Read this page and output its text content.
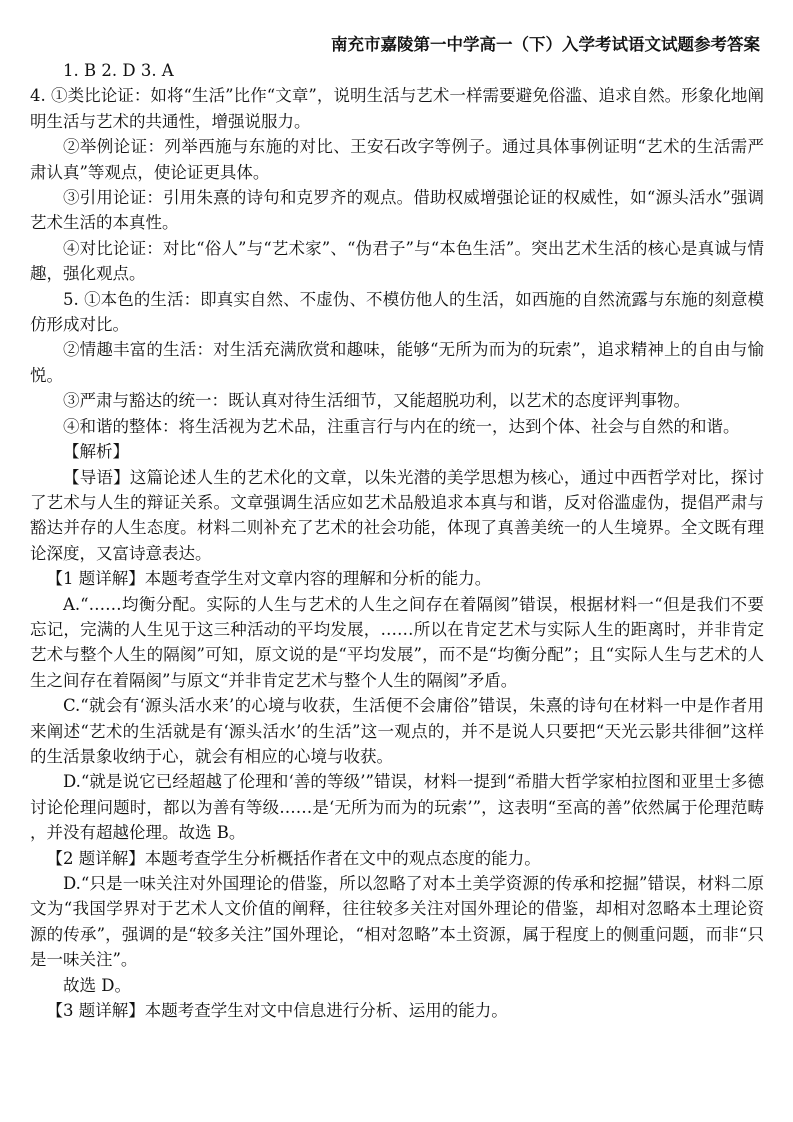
南充市嘉陵第一中学高一（下）入学考试语文试题参考答案

1. B 2. D 3. A

4. ①类比论证：如将“生活”比作“文章”，说明生活与艺术一样需要避免俗滥、追求自然。形象化地阐明生活与艺术的共通性，增强说服力。

②举例论证：列举西施与东施的对比、王安石改字等例子。通过具体事例证明“艺术的生活需严肃认真”等观点，使论证更具体。

③引用论证：引用朱熹的诗句和克罗齐的观点。借助权威增强论证的权威性，如“源头活水”强调艺术生活的本真性。

④对比论证：对比“俗人”与“艺术家”、“伪君子”与“本色生活”。突出艺术生活的核心是真诚与情趣，强化观点。

5. ①本色的生活：即真实自然、不虚伪、不模仿他人的生活，如西施的自然流露与东施的刻意模仿形成对比。

②情趣丰富的生活：对生活充满欣赏和趣味，能够“无所为而为的玩索”，追求精神上的自由与愉悦。

③严肃与豁达的统一：既认真对待生活细节，又能超脱功利，以艺术的态度评判事物。

④和谐的整体：将生活视为艺术品，注重言行与内在的统一，达到个体、社会与自然的和谐。

【解析】

【导语】这篇论述人生的艺术化的文章，以朱光潜的美学思想为核心，通过中西哲学对比，探讨了艺术与人生的辩证关系。文章强调生活应如艺术品般追求本真与和谐，反对俗滥虚伪，提倡严肃与豁达并存的人生态度。材料二则补充了艺术的社会功能，体现了真善美统一的人生境界。全文既有理论深度，又富诗意表达。

【1 题详解】本题考查学生对文章内容的理解和分析的能力。

A.“……均衡分配。实际的人生与艺术的人生之间存在着隔阂”错误，根据材料一“但是我们不要忘记，完满的人生见于这三种活动的平均发展，……所以在肯定艺术与实际人生的距离时，并非肯定艺术与整个人生的隔阂”可知，原文说的是“平均发展”，而不是“均衡分配”；且“实际人生与艺术的人生之间存在着隔阂”与原文“并非肯定艺术与整个人生的隔阂”矛盾。

C.“就会有‘源头活水来’的心境与收获，生活便不会庸俗”错误，朱熹的诗句在材料一中是作者用来阐述“艺术的生活就是有‘源头活水’的生活”这一观点的，并不是说人只要把“天光云影共徘徊”这样的生活景象收纳于心，就会有相应的心境与收获。

D.“就是说它已经超越了伦理和‘善的等级’”错误，材料一提到“希腊大哲学家柏拉图和亚里士多德讨论伦理问题时，都以为善有等级……是‘无所为而为的玩索’”，这表明“至高的善”依然属于伦理范畴，并没有超越伦理。故选 B。

【2 题详解】本题考查学生分析概括作者在文中的观点态度的能力。

D.“只是一味关注对外国理论的借鉴，所以忽略了对本土美学资源的传承和挖掘”错误，材料二原文为“我国学界对于艺术人文价值的阐释，往往较多关注对国外理论的借鉴，却相对忽略本土理论资源的传承”，强调的是“较多关注”国外理论，“相对忽略”本土资源，属于程度上的侧重问题，而非“只是一味关注”。

故选 D。

【3 题详解】本题考查学生对文中信息进行分析、运用的能力。
